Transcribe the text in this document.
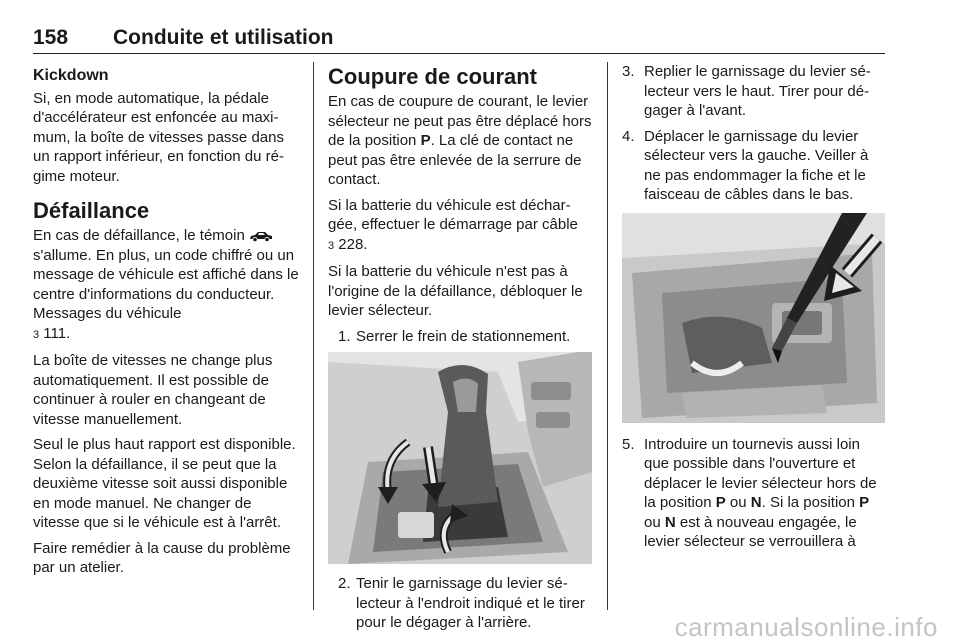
158 Conduite et utilisation
Kickdown

Si, en mode automatique, la pédale d'accélérateur est enfoncée au maximum, la boîte de vitesses passe dans un rapport inférieur, en fonction du régime moteur.

Défaillance

En cas de défaillance, le témoin  s'allume. En plus, un code chiffré ou un message de véhicule est affiché dans le centre d'informations du conducteur. Messages du véhicule
3 111.

La boîte de vitesses ne change plus automatiquement. Il est possible de continuer à rouler en changeant de vitesse manuellement.

Seul le plus haut rapport est disponible. Selon la défaillance, il se peut que la deuxième vitesse soit aussi disponible en mode manuel. Ne changer de vitesse que si le véhicule est à l'arrêt.

Faire remédier à la cause du problème par un atelier.

Coupure de courant

En cas de coupure de courant, le levier sélecteur ne peut pas être déplacé hors de la position P. La clé de contact ne peut pas être enlevée de la serrure de contact.

Si la batterie du véhicule est déchargée, effectuer le démarrage par câble
3 228.

Si la batterie du véhicule n'est pas à l'origine de la défaillance, débloquer le levier sélecteur.

1. Serrer le frein de stationnement.
2. Tenir le garnissage du levier sélecteur à l'endroit indiqué et le tirer pour le dégager à l'arrière.
3. Replier le garnissage du levier sélecteur vers le haut. Tirer pour dégager à l'avant.
4. Déplacer le garnissage du levier sélecteur vers la gauche. Veiller à ne pas endommager la fiche et le faisceau de câbles dans le bas.
5. Introduire un tournevis aussi loin que possible dans l'ouverture et déplacer le levier sélecteur hors de la position P ou N. Si la position P ou N est à nouveau engagée, le levier sélecteur se verrouillera à
carmanualsonline.info
